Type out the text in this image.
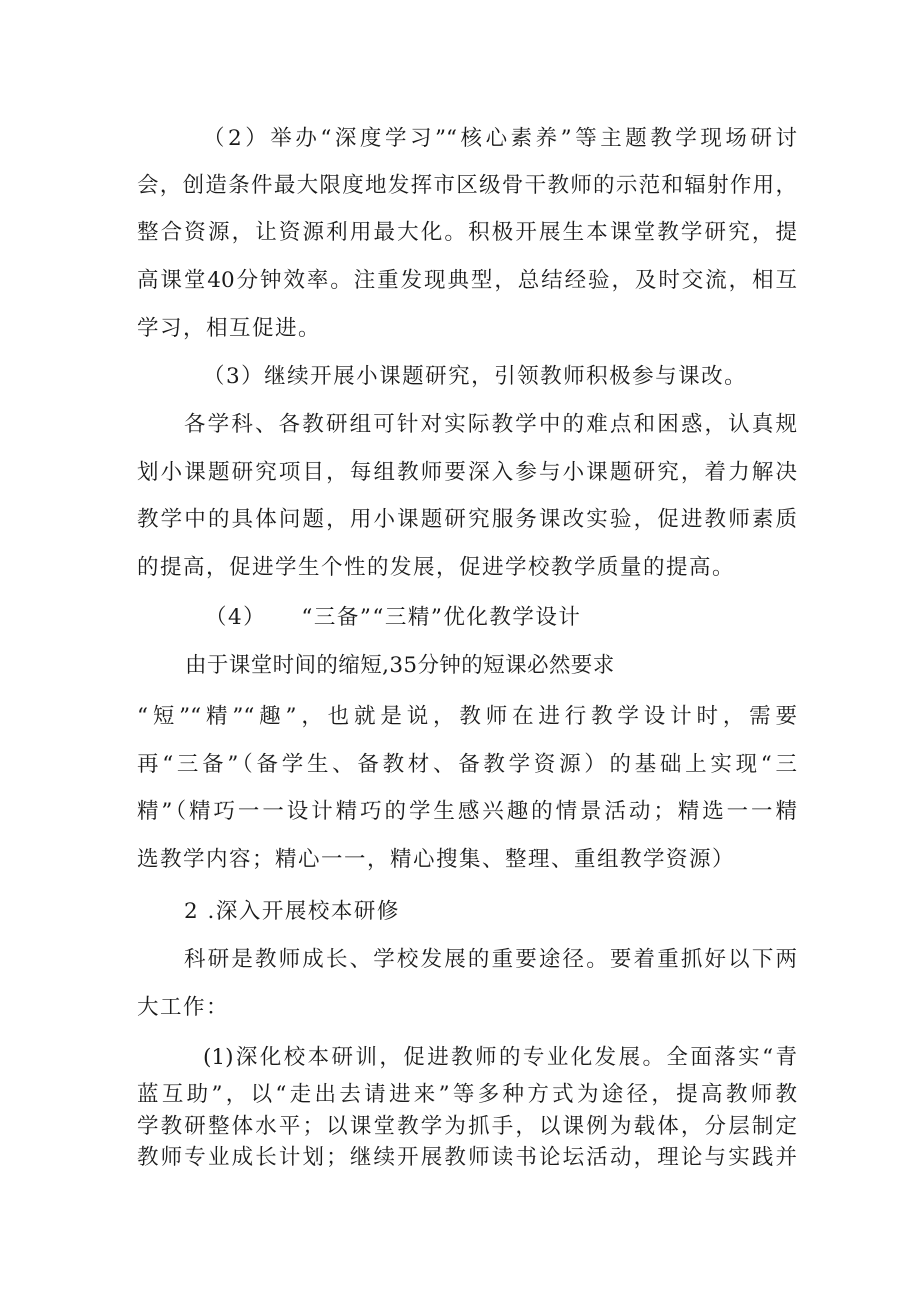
（2）举办“深度学习”“核心素养”等主题教学现场研讨

会，创造条件最大限度地发挥市区级骨干教师的示范和辐射作用，

整合资源，让资源利用最大化。积极开展生本课堂教学研究，提

高课堂40分钟效率。注重发现典型，总结经验，及时交流，相互

学习，相互促进。

（3）继续开展小课题研究，引领教师积极参与课改。

各学科、各教研组可针对实际教学中的难点和困惑，认真规

划小课题研究项目，每组教师要深入参与小课题研究，着力解决

教学中的具体问题，用小课题研究服务课改实验，促进教师素质

的提高，促进学生个性的发展，促进学校教学质量的提高。

（4）　　“三备”“三精”优化教学设计

由于课堂时间的缩短,35分钟的短课必然要求

“短”“精”“趣”，也就是说，教师在进行教学设计时，需要

再“三备”（备学生、备教材、备教学资源）的基础上实现“三

精”（精巧一一设计精巧的学生感兴趣的情景活动；精选一一精

选教学内容；精心一一，精心搜集、整理、重组教学资源）

2 .深入开展校本研修

科研是教师成长、学校发展的重要途径。要着重抓好以下两

大工作：

(1)深化校本研训，促进教师的专业化发展。全面落实“青

蓝互助”，以“走出去请进来”等多种方式为途径，提高教师教

学教研整体水平；以课堂教学为抓手，以课例为载体，分层制定

教师专业成长计划；继续开展教师读书论坛活动，理论与实践并
